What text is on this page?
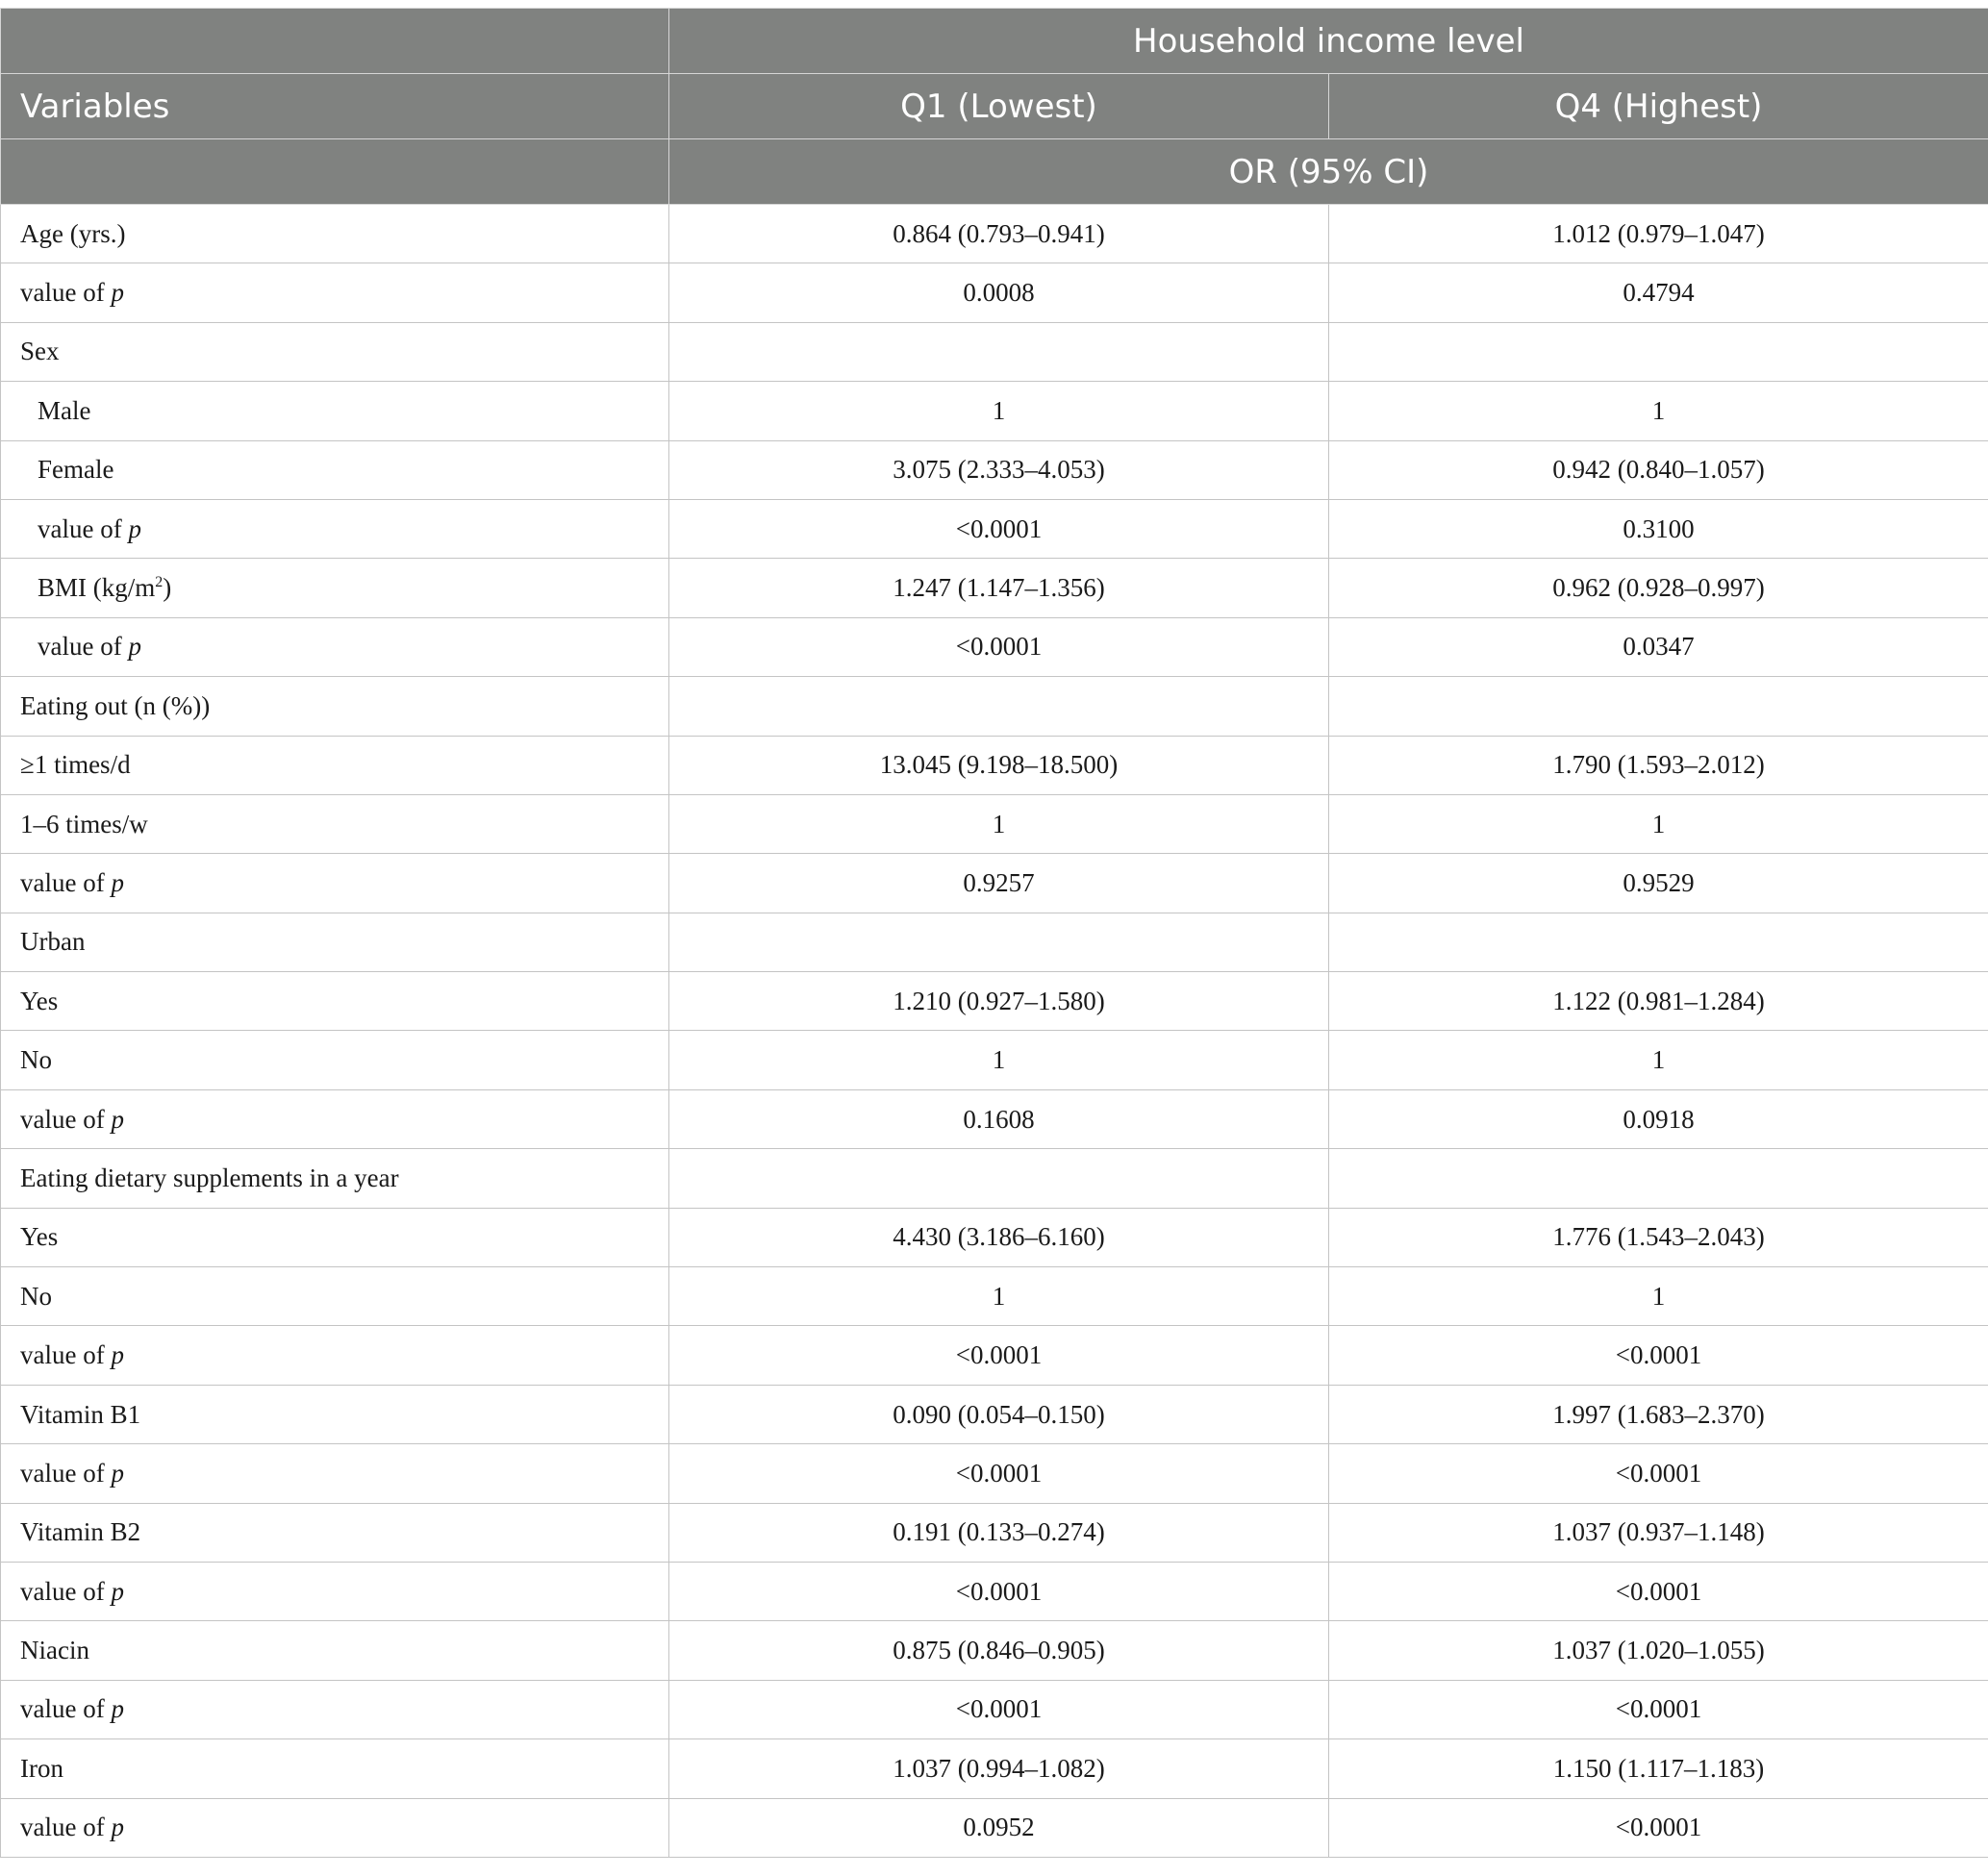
	Household income level	
Variables	Q1 (Lowest)	Q4 (Highest)
	OR (95% CI)	
Age (yrs.)	0.864 (0.793–0.941)	1.012 (0.979–1.047)
value of p	0.0008	0.4794
Sex		
Male	1	1
Female	3.075 (2.333–4.053)	0.942 (0.840–1.057)
value of p	<0.0001	0.3100
BMI $(kg/m^2)$	1.247 (1.147–1.356)	0.962 (0.928–0.997)
value of p	<0.0001	0.0347
Eating out (n (%))		
≥1 times/d	13.045 (9.198–18.500)	1.790 (1.593–2.012)
1–6 times/w	1	1
value of p	0.9257	0.9529
Urban		
Yes	1.210 (0.927–1.580)	1.122 (0.981–1.284)
No	1	1
value of p	0.1608	0.0918
Eating dietary supplements in a year		
Yes	4.430 (3.186–6.160)	1.776 (1.543–2.043)
No	1	1
value of p	<0.0001	<0.0001
Vitamin B1	0.090 (0.054–0.150)	1.997 (1.683–2.370)
value of p	<0.0001	<0.0001
Vitamin B2	0.191 (0.133–0.274)	1.037 (0.937–1.148)
value of p	<0.0001	<0.0001
Niacin	0.875 (0.846–0.905)	1.037 (1.020–1.055)
value of p	<0.0001	<0.0001
Iron	1.037 (0.994–1.082)	1.150 (1.117–1.183)
value of p	0.0952	<0.0001
